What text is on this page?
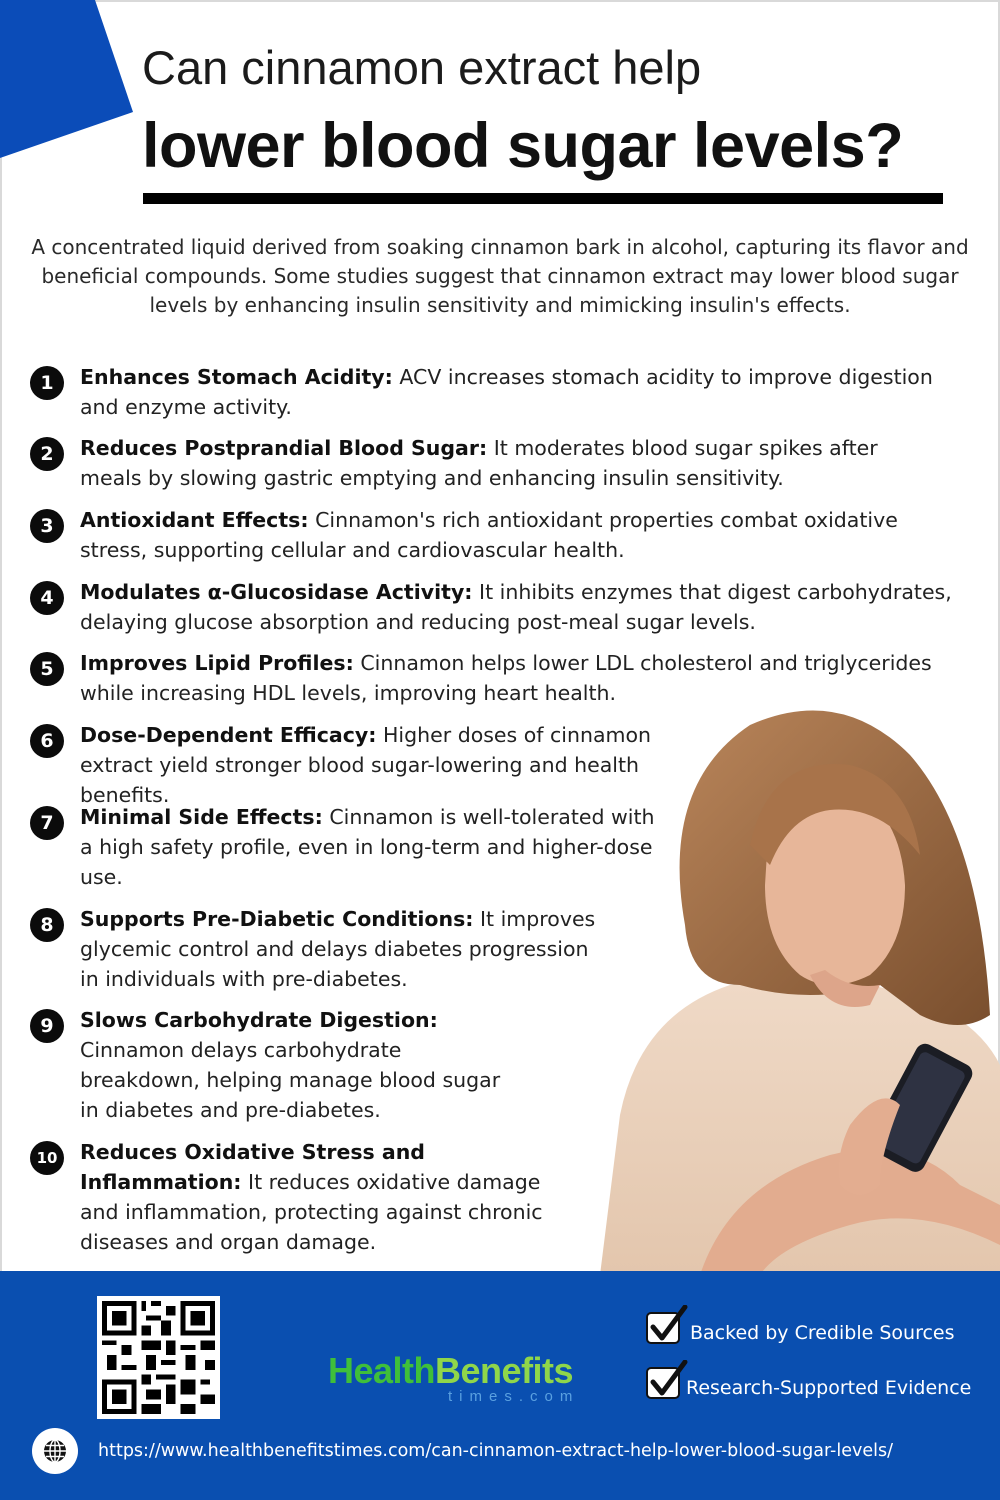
Can cinnamon extract help
lower blood sugar levels?

A concentrated liquid derived from soaking cinnamon bark in alcohol, capturing its flavor and beneficial compounds. Some studies suggest that cinnamon extract may lower blood sugar levels by enhancing insulin sensitivity and mimicking insulin's effects.

1	Enhances Stomach Acidity: ACV increases stomach acidity to improve digestion and enzyme activity.
2	Reduces Postprandial Blood Sugar: It moderates blood sugar spikes after meals by slowing gastric emptying and enhancing insulin sensitivity.
3	Antioxidant Effects: Cinnamon's rich antioxidant properties combat oxidative stress, supporting cellular and cardiovascular health.
4	Modulates α-Glucosidase Activity: It inhibits enzymes that digest carbohydrates, delaying glucose absorption and reducing post-meal sugar levels.
5	Improves Lipid Profiles: Cinnamon helps lower LDL cholesterol and triglycerides while increasing HDL levels, improving heart health.
6	Dose-Dependent Efficacy: Higher doses of cinnamon extract yield stronger blood sugar-lowering and health benefits.
7	Minimal Side Effects: Cinnamon is well-tolerated with a high safety profile, even in long-term and higher-dose use.
8	Supports Pre-Diabetic Conditions: It improves glycemic control and delays diabetes progression in individuals with pre-diabetes.
9	Slows Carbohydrate Digestion: Cinnamon delays carbohydrate breakdown, helping manage blood sugar in diabetes and pre-diabetes.
10	Reduces Oxidative Stress and Inflammation: It reduces oxidative damage and inflammation, protecting against chronic diseases and organ damage.
HealthBenefits
times.com
Backed by Credible Sources
Research-Supported Evidence
https://www.healthbenefitstimes.com/can-cinnamon-extract-help-lower-blood-sugar-levels/
